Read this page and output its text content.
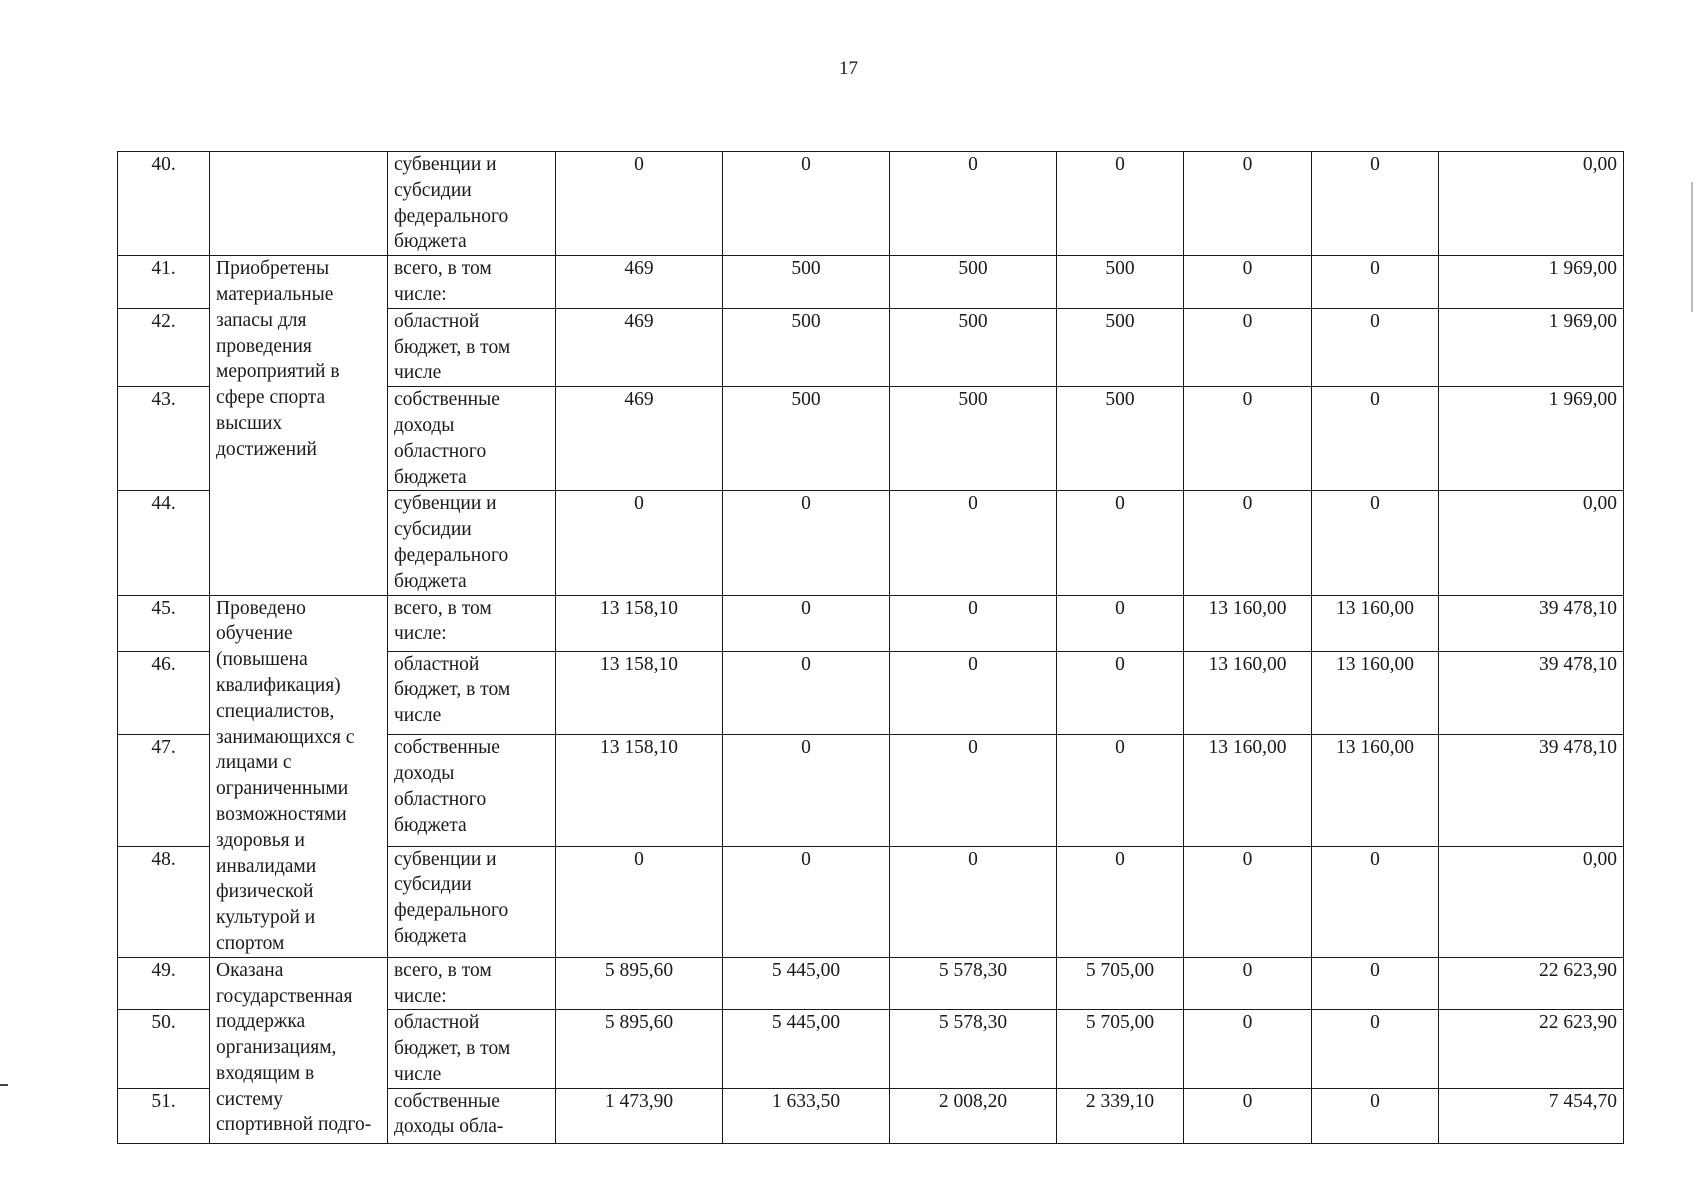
17
40.		субвенции и субсидии федерального бюджета	0	0	0	0	0	0	0,00
41.	Приобретены материальные запасы для проведения мероприятий в сфере спорта высших достижений	всего, в том числе:	469	500	500	500	0	0	1 969,00
42.		областной бюджет, в том числе	469	500	500	500	0	0	1 969,00
43.		собственные доходы областного бюджета	469	500	500	500	0	0	1 969,00
44.		субвенции и субсидии федерального бюджета	0	0	0	0	0	0	0,00
45.	Проведено обучение (повышена квалификация) специалистов, занимающихся с лицами с ограниченными возможностями здоровья и инвалидами физической культурой и спортом	всего, в том числе:	13 158,10	0	0	0	13 160,00	13 160,00	39 478,10
46.		областной бюджет, в том числе	13 158,10	0	0	0	13 160,00	13 160,00	39 478,10
47.		собственные доходы областного бюджета	13 158,10	0	0	0	13 160,00	13 160,00	39 478,10
48.		субвенции и субсидии федерального бюджета	0	0	0	0	0	0	0,00
49.	Оказана государственная поддержка организациям, входящим в систему спортивной подго-	всего, в том числе:	5 895,60	5 445,00	5 578,30	5 705,00	0	0	22 623,90
50.		областной бюджет, в том числе	5 895,60	5 445,00	5 578,30	5 705,00	0	0	22 623,90
51.		собственные доходы обла-	1 473,90	1 633,50	2 008,20	2 339,10	0	0	7 454,70
